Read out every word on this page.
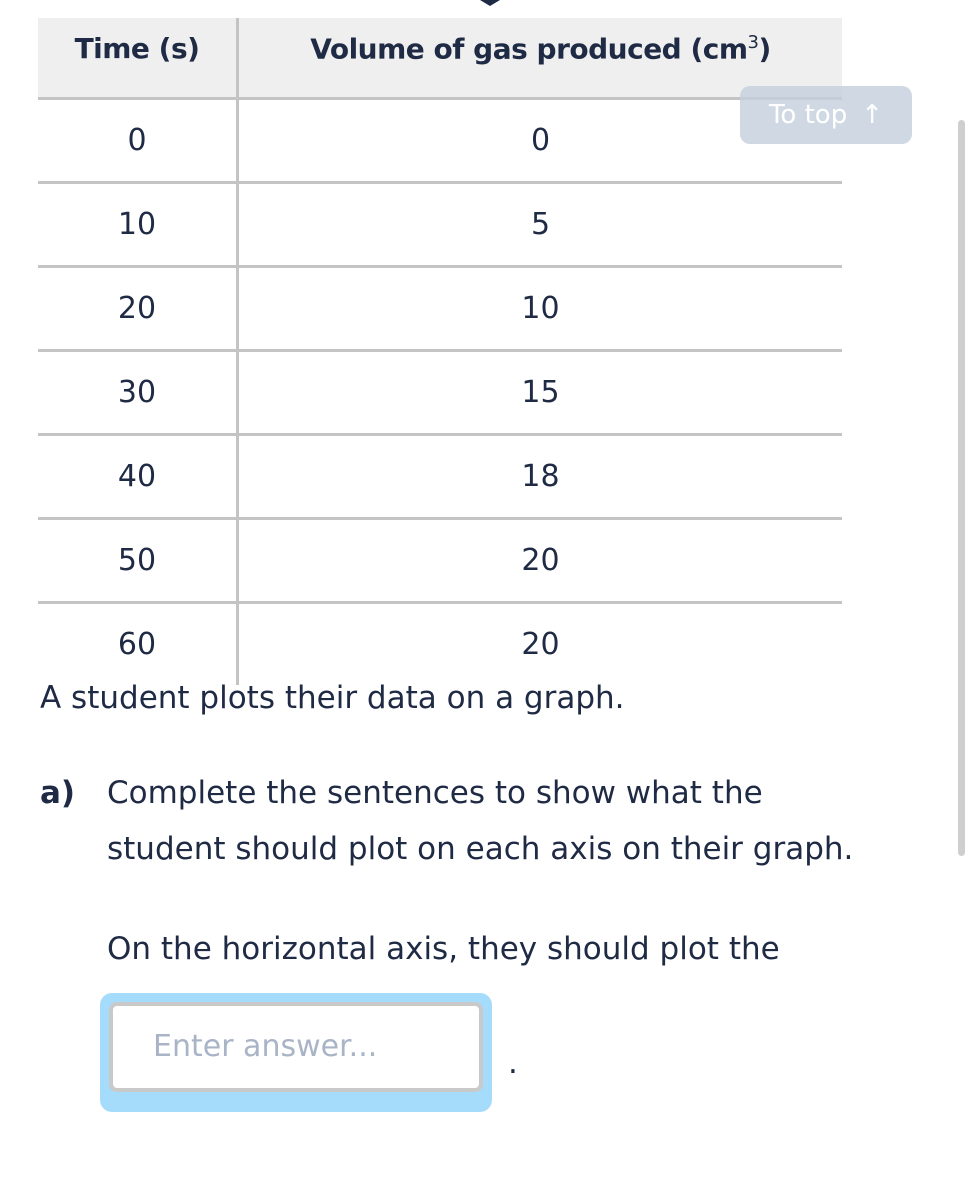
Time (s)	Volume of gas produced $(cm^3)$
0	0
10	5
20	10
30	15
40	18
50	20
60	20
To top ↑
A student plots their data on a graph.
a) Complete the sentences to show what the
student should plot on each axis on their graph.
On the horizontal axis, they should plot the
Enter answer...	.
